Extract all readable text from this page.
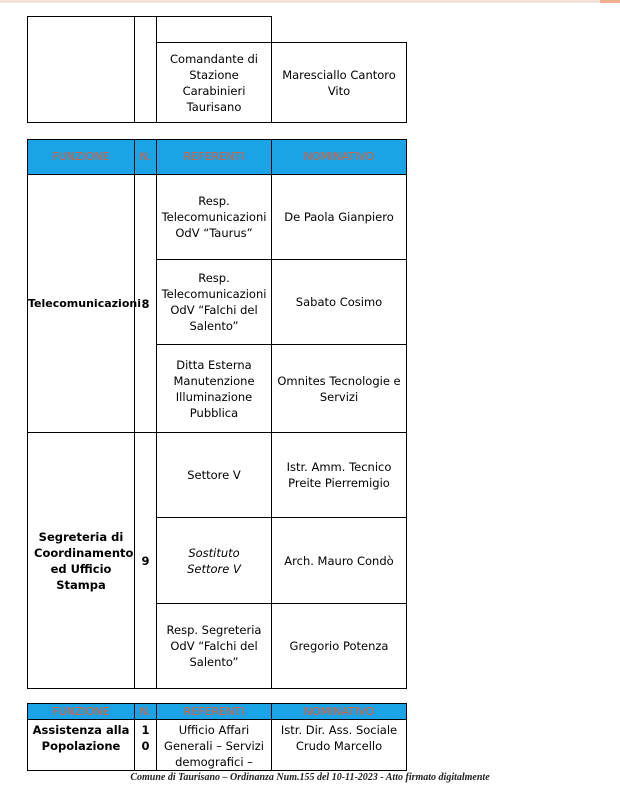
		Comandante di Stazione Carabinieri Taurisano	Maresciallo Cantoro Vito
FUNZIONE	N.	REFERENTI	NOMINATIVO
Telecomunicazioni	8	Resp. Telecomunicazioni OdV “Taurus”	De Paola Gianpiero
		Resp. Telecomunicazioni OdV “Falchi del Salento”	Sabato Cosimo
		Ditta Esterna Manutenzione Illuminazione Pubblica	Omnites Tecnologie e Servizi
Segreteria di Coordinamento ed Ufficio Stampa	9	Settore V	Istr. Amm. Tecnico Preite Pierremigio
		Sostituto Settore V	Arch. Mauro Condò
		Resp. Segreteria OdV “Falchi del Salento”	Gregorio Potenza
FUNZIONE	N.	REFERENTI	NOMINATIVO
Assistenza alla Popolazione	10	Ufficio Affari Generali – Servizi demografici –	Istr. Dir. Ass. Sociale Crudo Marcello
Comune di Taurisano – Ordinanza Num.155 del 10-11-2023 - Atto firmato digitalmente
